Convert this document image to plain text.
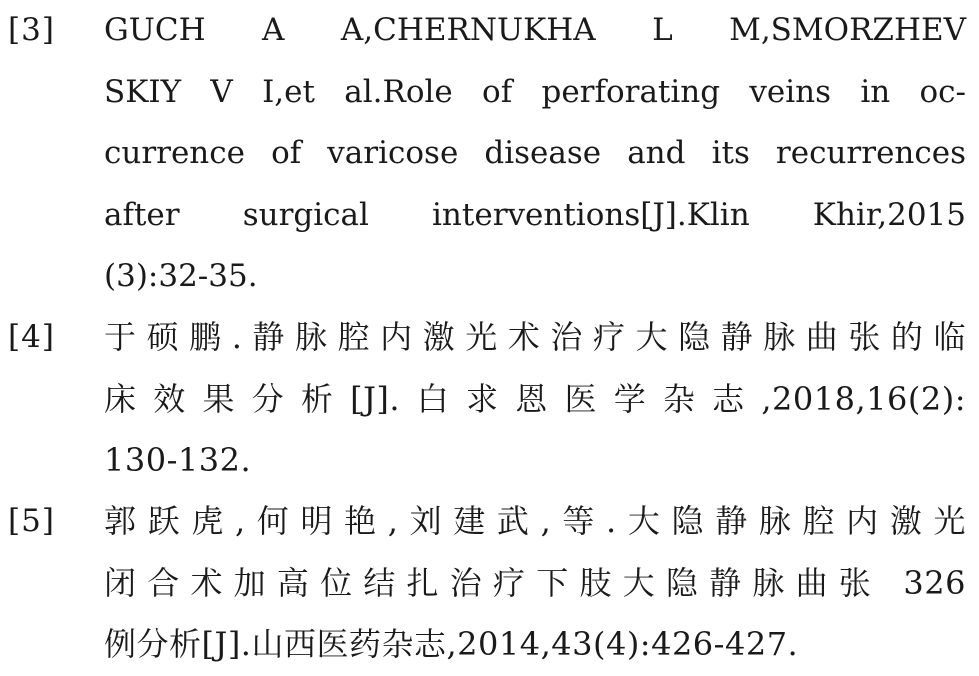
[3] GUCH A A,CHERNUKHA L M,SMORZHEV
SKIY V I,et al.Role of perforating veins in oc-
currence of varicose disease and its recurrences
after surgical interventions[J].Klin Khir,2015
(3):32-35.
[4] 于硕鹏.静脉腔内激光术治疗大隐静脉曲张的临
床效果分析[J].白求恩医学杂志,2018,16(2):
130-132.
[5] 郭跃虎,何明艳,刘建武,等.大隐静脉腔内激光
闭合术加高位结扎治疗下肢大隐静脉曲张 326
例分析[J].山西医药杂志,2014,43(4):426-427.
